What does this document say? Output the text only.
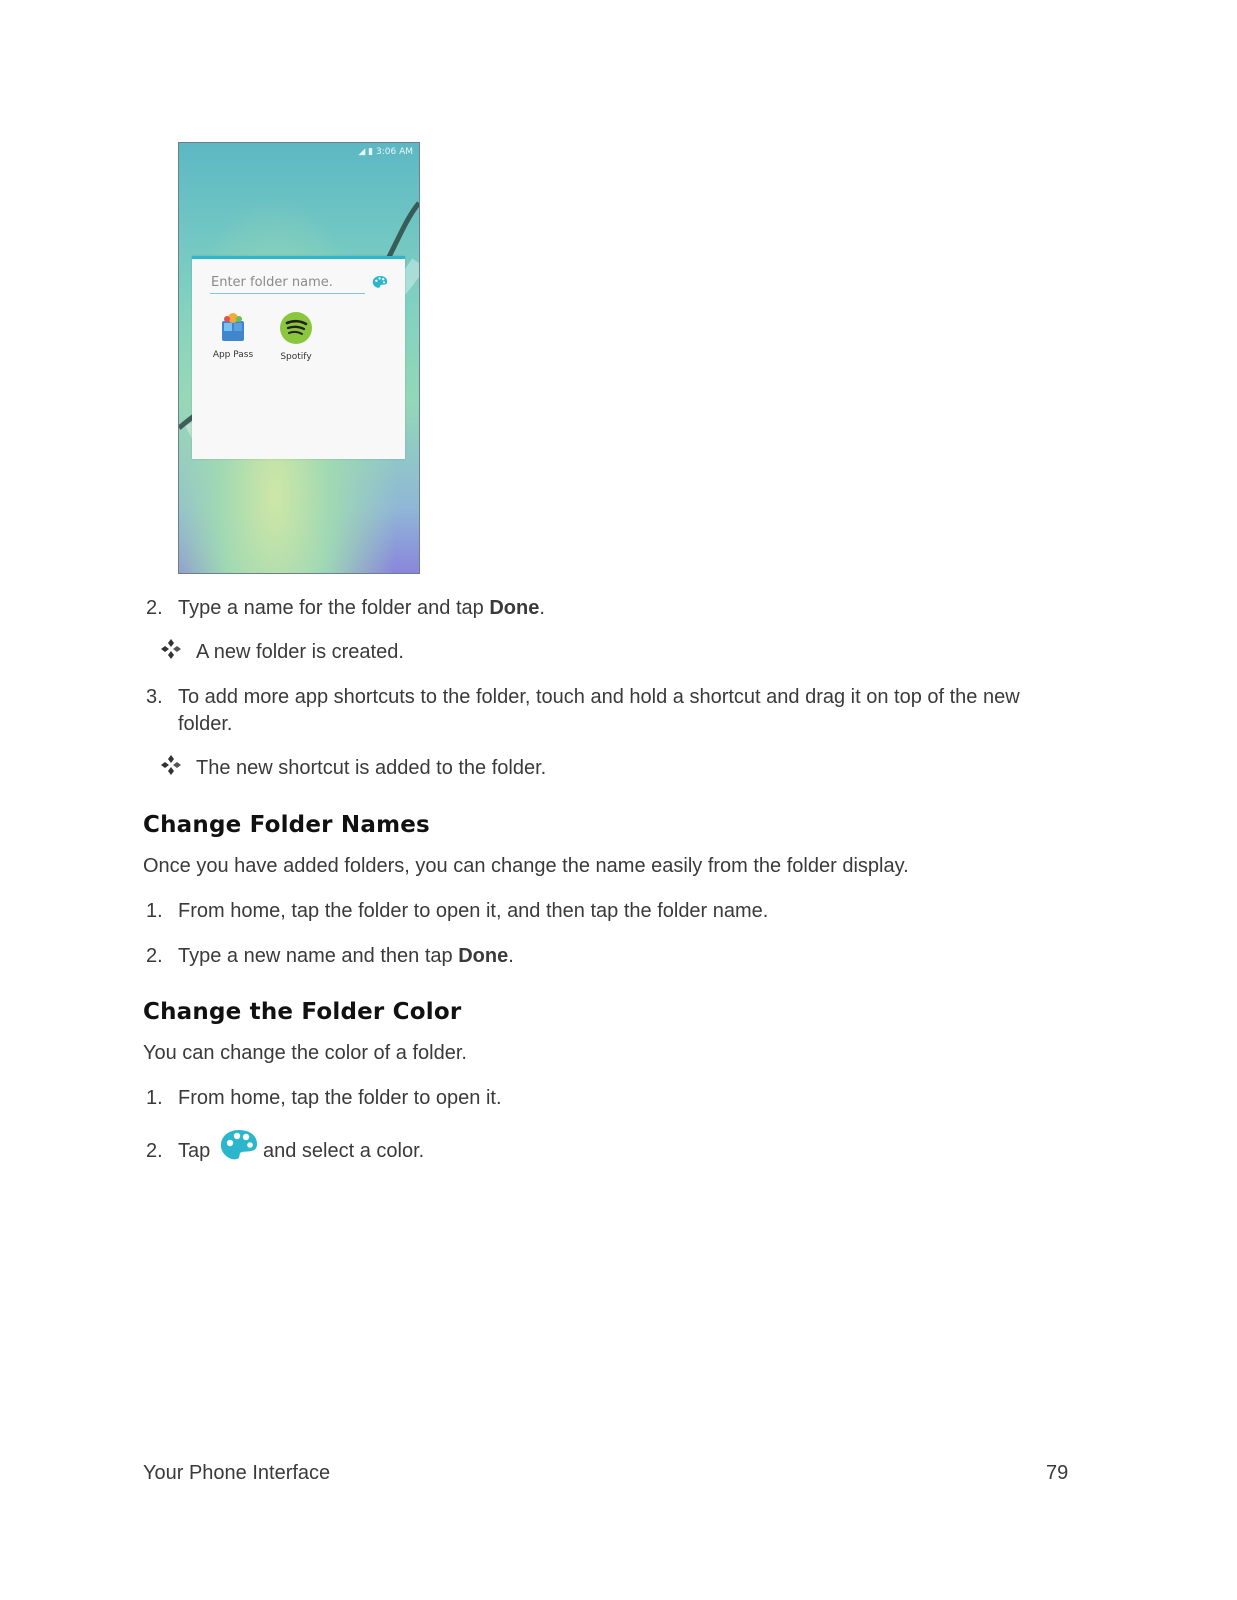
◢ ▮ 3:06 AM
Enter folder name.
App Pass	Spotify
2. Type a name for the folder and tap Done.
A new folder is created.
3. To add more app shortcuts to the folder, touch and hold a shortcut and drag it on top of the new
folder.
The new shortcut is added to the folder.
Change Folder Names
Once you have added folders, you can change the name easily from the folder display.
1. From home, tap the folder to open it, and then tap the folder name.
2. Type a new name and then tap Done.
Change the Folder Color
You can change the color of a folder.
1. From home, tap the folder to open it.
2. Tap	and select a color.
Your Phone Interface	79
